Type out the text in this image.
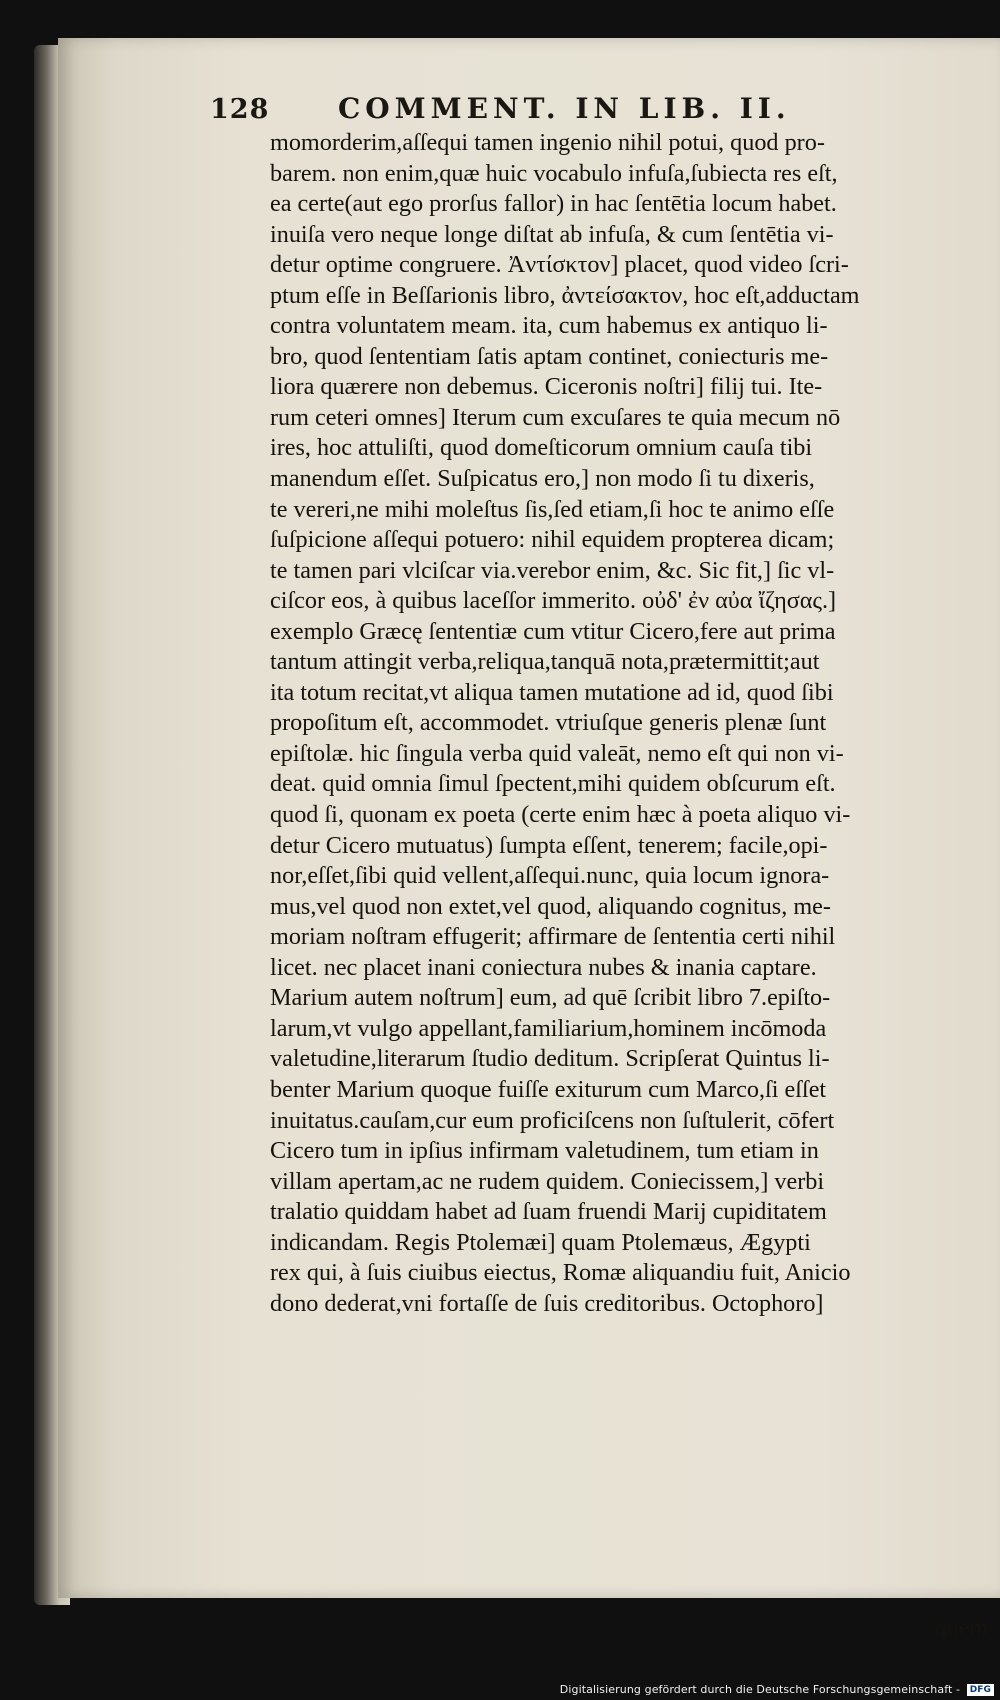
128 COMMENT. IN LIB. II.
momorderim,aſſequi tamen ingenio nihil potui, quod pro-
barem. non enim,quæ huic vocabulo infuſa,ſubiecta res eſt,
ea certe(aut ego prorſus fallor) in hac ſentētia locum habet.
inuiſa vero neque longe diſtat ab infuſa, & cum ſentētia vi-
detur optime congruere. Ἀντίσκτον] placet, quod video ſcri-
ptum eſſe in Beſſarionis libro, ἀντείσακτον, hoc eſt,adductam
contra voluntatem meam. ita, cum habemus ex antiquo li-
bro, quod ſententiam ſatis aptam continet, coniecturis me-
liora quærere non debemus. Ciceronis noſtri] filij tui. Ite-
rum ceteri omnes] Iterum cum excuſares te quia mecum nō
ires, hoc attuliſti, quod domeſticorum omnium cauſa tibi
manendum eſſet. Suſpicatus ero,] non modo ſi tu dixeris,
te vereri,ne mihi moleſtus ſis,ſed etiam,ſi hoc te animo eſſe
ſuſpicione aſſequi potuero: nihil equidem propterea dicam;
te tamen pari vlciſcar via.verebor enim, &c. Sic fit,] ſic vl-
ciſcor eos, à quibus laceſſor immerito. οὐδ' ἐν αὐα ἴζησας.]
exemplo Græcę ſententiæ cum vtitur Cicero,fere aut prima
tantum attingit verba,reliqua,tanquā nota,prætermittit;aut
ita totum recitat,vt aliqua tamen mutatione ad id, quod ſibi
propoſitum eſt, accommodet. vtriuſque generis plenæ ſunt
epiſtolæ. hic ſingula verba quid valeāt, nemo eſt qui non vi-
deat. quid omnia ſimul ſpectent,mihi quidem obſcurum eſt.
quod ſi, quonam ex poeta (certe enim hæc à poeta aliquo vi-
detur Cicero mutuatus) ſumpta eſſent, tenerem; facile,opi-
nor,eſſet,ſibi quid vellent,aſſequi.nunc, quia locum ignora-
mus,vel quod non extet,vel quod, aliquando cognitus, me-
moriam noſtram effugerit; affirmare de ſententia certi nihil
licet. nec placet inani coniectura nubes & inania captare.
Marium autem noſtrum] eum, ad quē ſcribit libro 7.epiſto-
larum,vt vulgo appellant,familiarium,hominem incōmoda
valetudine,literarum ſtudio deditum. Scripſerat Quintus li-
benter Marium quoque fuiſſe exiturum cum Marco,ſi eſſet
inuitatus.cauſam,cur eum proficiſcens non ſuſtulerit, cōfert
Cicero tum in ipſius infirmam valetudinem, tum etiam in
villam apertam,ac ne rudem quidem. Coniecissem,] verbi
tralatio quiddam habet ad ſuam fruendi Marij cupiditatem
indicandam. Regis Ptolemæi] quam Ptolemæus, Ægypti
rex qui, à ſuis ciuibus eiectus, Romæ aliquandiu fuit, Anicio
dono dederat,vni fortaſſe de ſuis creditoribus. Octophoro]
quem
Digitalisierung gefördert durch die Deutsche Forschungsgemeinschaft - DFG
